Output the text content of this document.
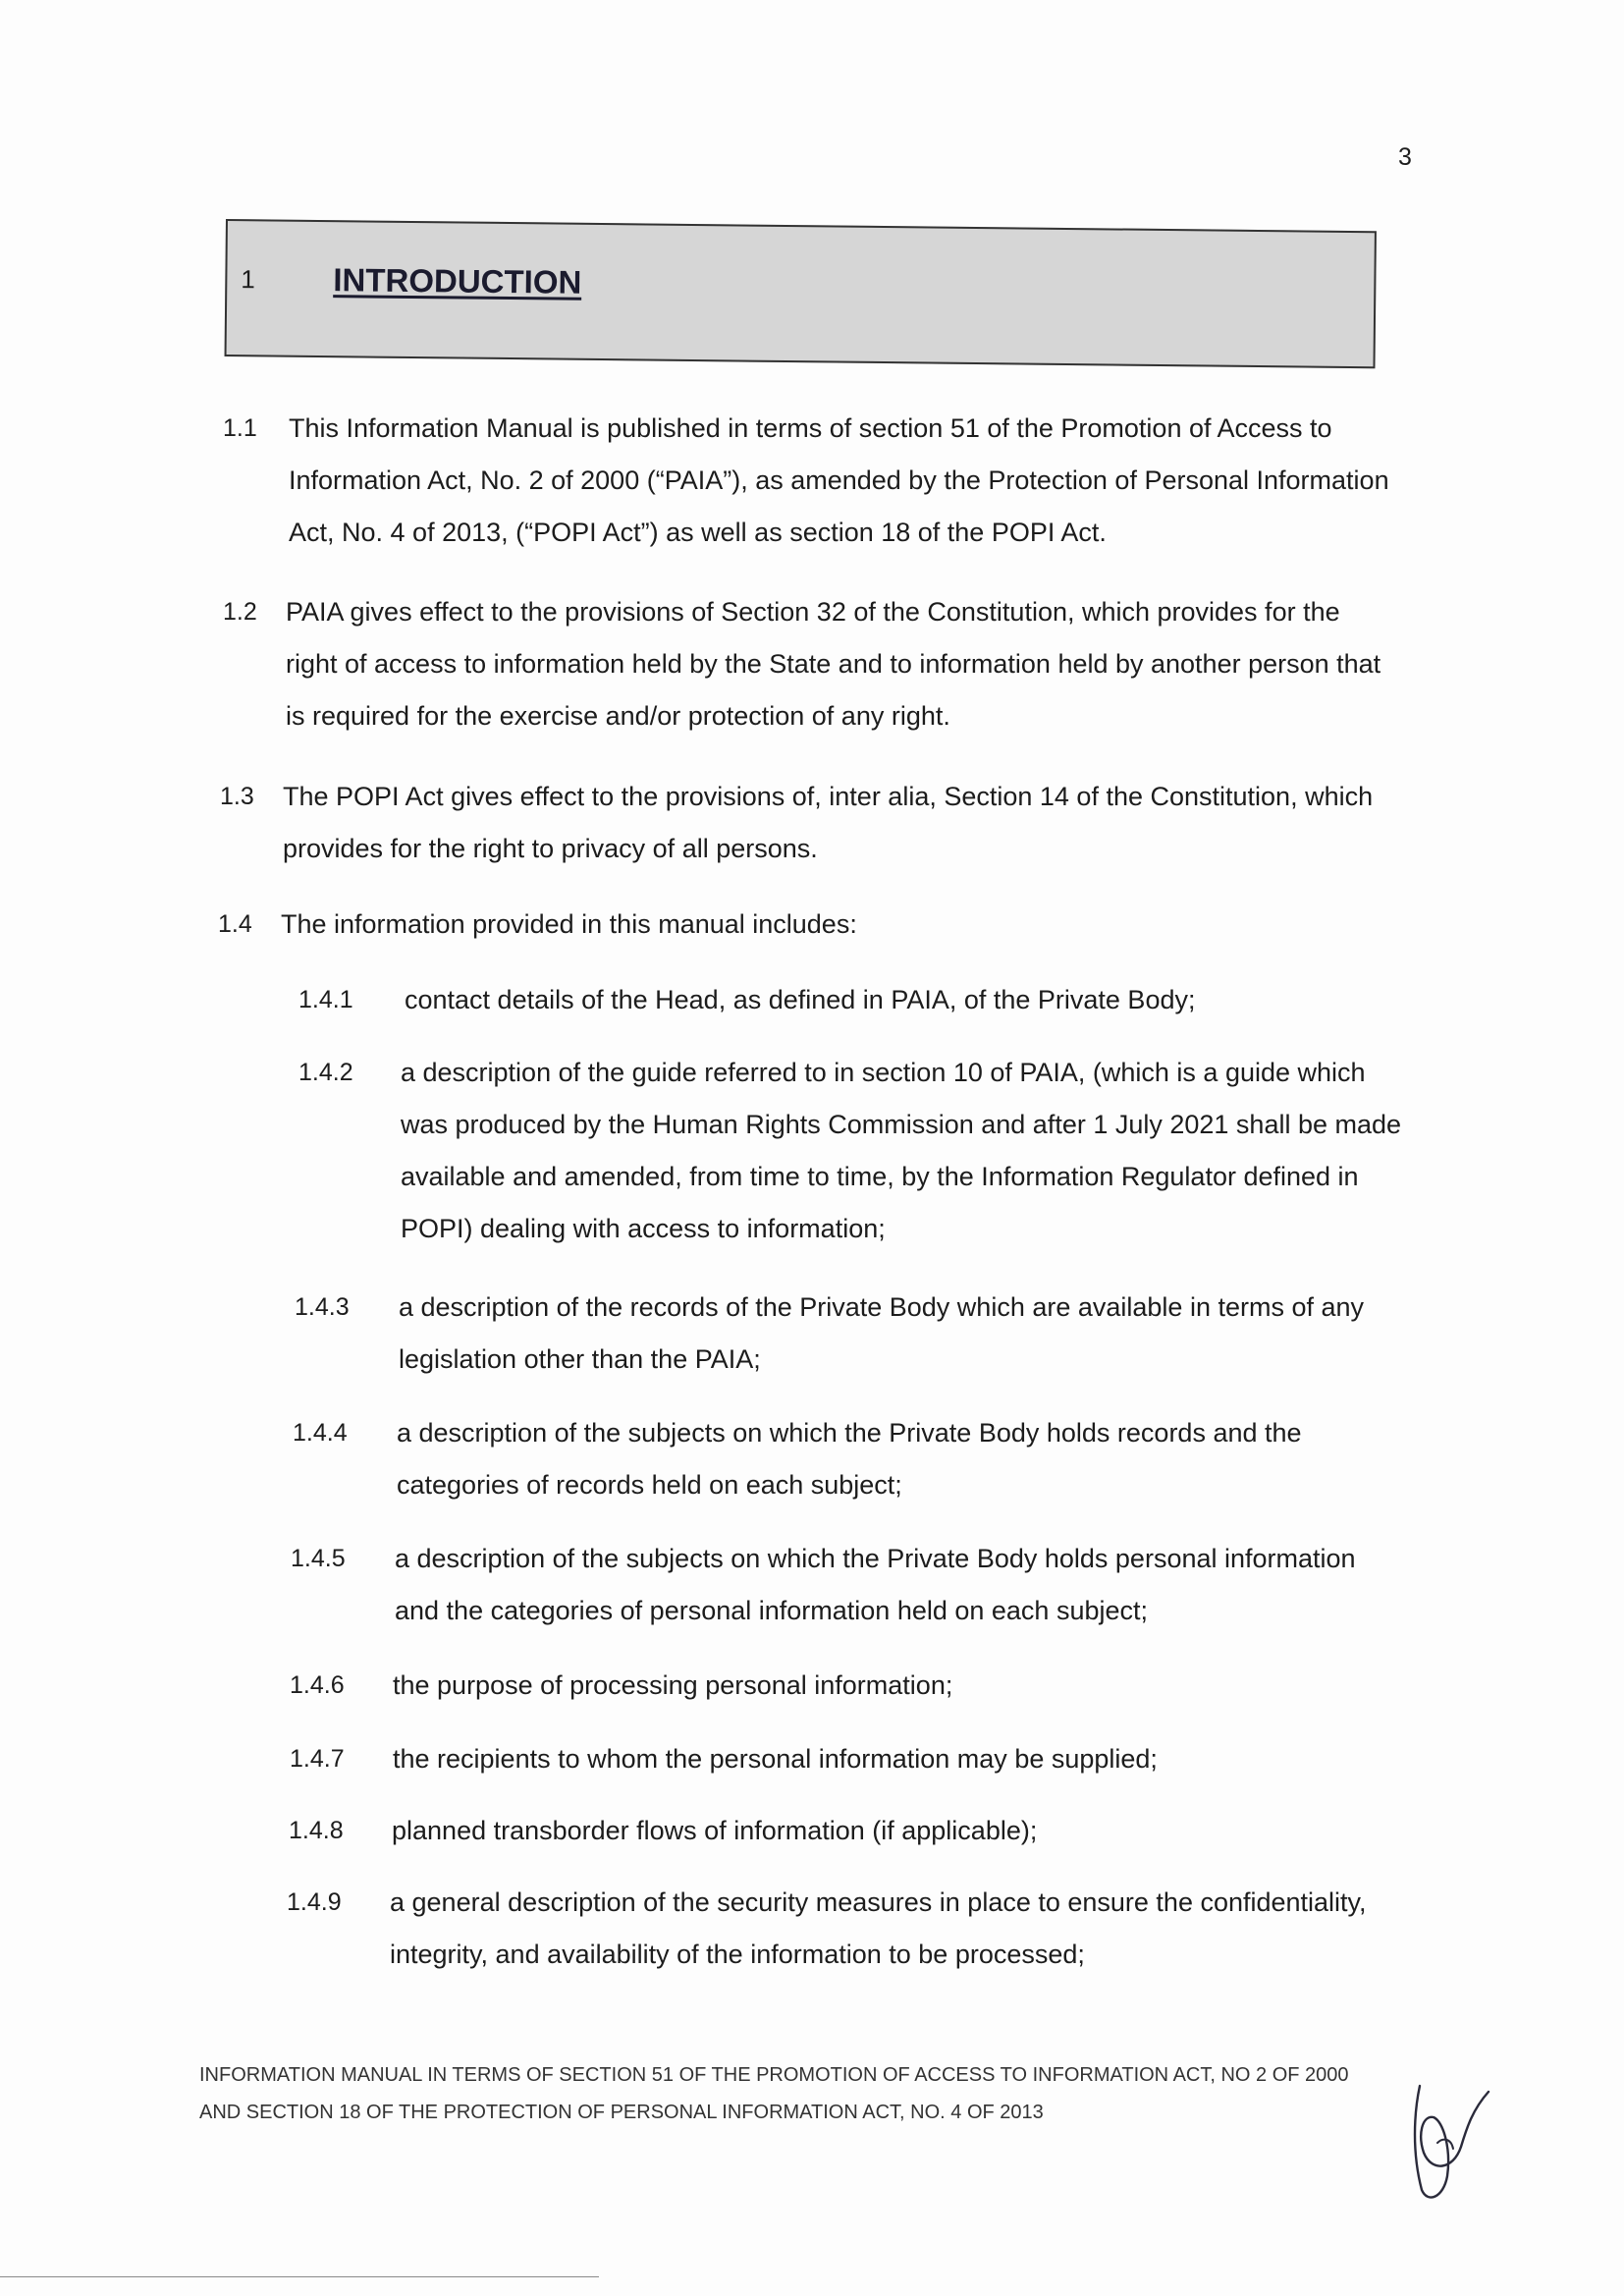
3
1 INTRODUCTION
1.1 This Information Manual is published in terms of section 51 of the Promotion of Access to
Information Act, No. 2 of 2000 (“PAIA”), as amended by the Protection of Personal Information
Act, No. 4 of 2013, (“POPI Act”) as well as section 18 of the POPI Act.
1.2 PAIA gives effect to the provisions of Section 32 of the Constitution, which provides for the
right of access to information held by the State and to information held by another person that
is required for the exercise and/or protection of any right.
1.3 The POPI Act gives effect to the provisions of, inter alia, Section 14 of the Constitution, which
provides for the right to privacy of all persons.
1.4 The information provided in this manual includes:
1.4.1 contact details of the Head, as defined in PAIA, of the Private Body;
1.4.2 a description of the guide referred to in section 10 of PAIA, (which is a guide which
was produced by the Human Rights Commission and after 1 July 2021 shall be made
available and amended, from time to time, by the Information Regulator defined in
POPI) dealing with access to information;
1.4.3 a description of the records of the Private Body which are available in terms of any
legislation other than the PAIA;
1.4.4 a description of the subjects on which the Private Body holds records and the
categories of records held on each subject;
1.4.5 a description of the subjects on which the Private Body holds personal information
and the categories of personal information held on each subject;
1.4.6 the purpose of processing personal information;
1.4.7 the recipients to whom the personal information may be supplied;
1.4.8 planned transborder flows of information (if applicable);
1.4.9 a general description of the security measures in place to ensure the confidentiality,
integrity, and availability of the information to be processed;
INFORMATION MANUAL IN TERMS OF SECTION 51 OF THE PROMOTION OF ACCESS TO INFORMATION ACT, NO 2 OF 2000
AND SECTION 18 OF THE PROTECTION OF PERSONAL INFORMATION ACT, NO. 4 OF 2013
